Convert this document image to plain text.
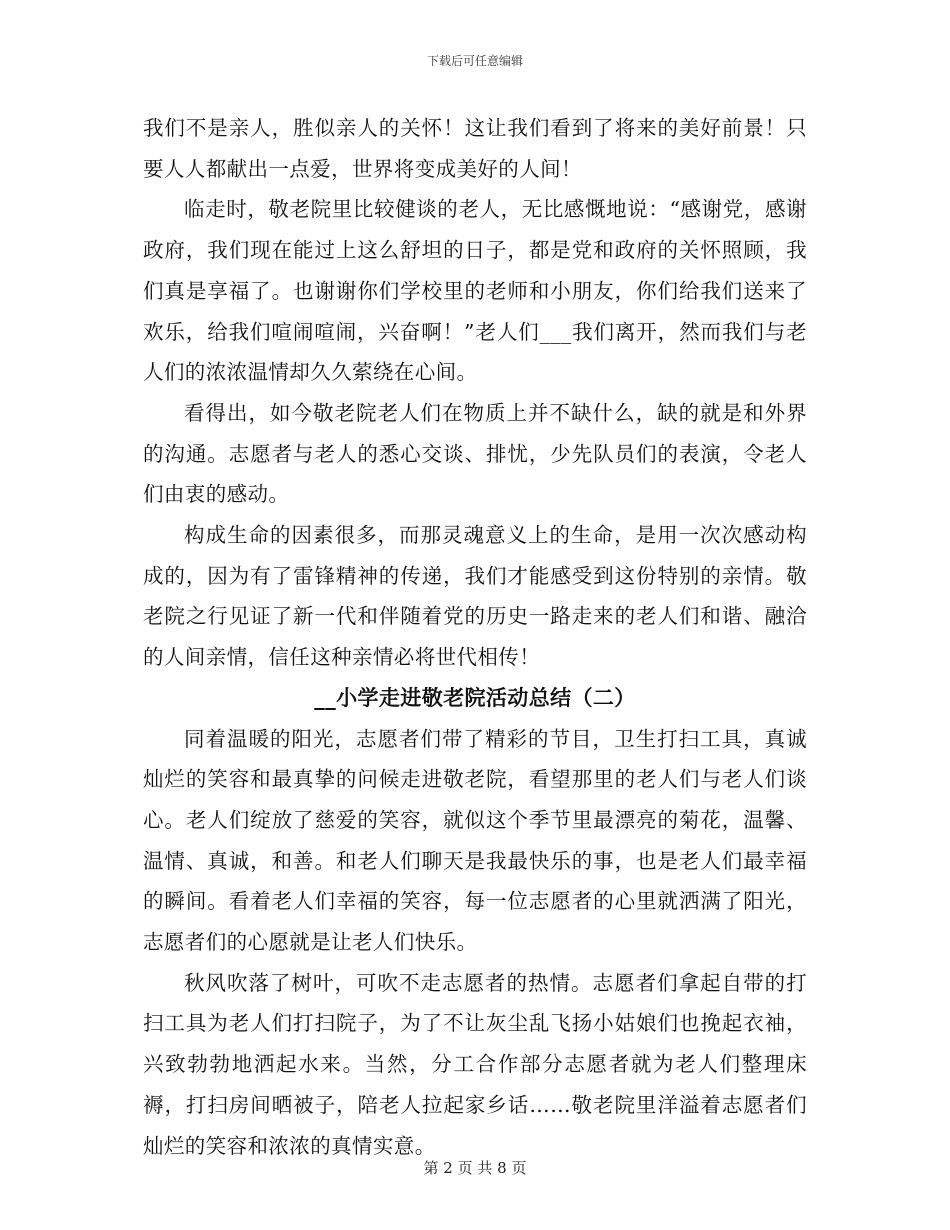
下载后可任意编辑

我们不是亲人，胜似亲人的关怀！这让我们看到了将来的美好前景！只要人人都献出一点爱，世界将变成美好的人间！

临走时，敬老院里比较健谈的老人，无比感慨地说：“感谢党，感谢政府，我们现在能过上这么舒坦的日子，都是党和政府的关怀照顾，我们真是享福了。也谢谢你们学校里的老师和小朋友，你们给我们送来了欢乐，给我们喧闹喧闹，兴奋啊！”老人们___我们离开，然而我们与老人们的浓浓温情却久久萦绕在心间。

看得出，如今敬老院老人们在物质上并不缺什么，缺的就是和外界的沟通。志愿者与老人的悉心交谈、排忧，少先队员们的表演，令老人们由衷的感动。

构成生命的因素很多，而那灵魂意义上的生命，是用一次次感动构成的，因为有了雷锋精神的传递，我们才能感受到这份特别的亲情。敬老院之行见证了新一代和伴随着党的历史一路走来的老人们和谐、融洽的人间亲情，信任这种亲情必将世代相传！

__小学走进敬老院活动总结（二）

同着温暖的阳光，志愿者们带了精彩的节目，卫生打扫工具，真诚灿烂的笑容和最真挚的问候走进敬老院，看望那里的老人们与老人们谈心。老人们绽放了慈爱的笑容，就似这个季节里最漂亮的菊花，温馨、温情、真诚，和善。和老人们聊天是我最快乐的事，也是老人们最幸福的瞬间。看着老人们幸福的笑容，每一位志愿者的心里就洒满了阳光，志愿者们的心愿就是让老人们快乐。

秋风吹落了树叶，可吹不走志愿者的热情。志愿者们拿起自带的打扫工具为老人们打扫院子，为了不让灰尘乱飞扬小姑娘们也挽起衣袖，兴致勃勃地洒起水来。当然，分工合作部分志愿者就为老人们整理床褥，打扫房间晒被子，陪老人拉起家乡话……敬老院里洋溢着志愿者们灿烂的笑容和浓浓的真情实意。

第 2 页 共 8 页
